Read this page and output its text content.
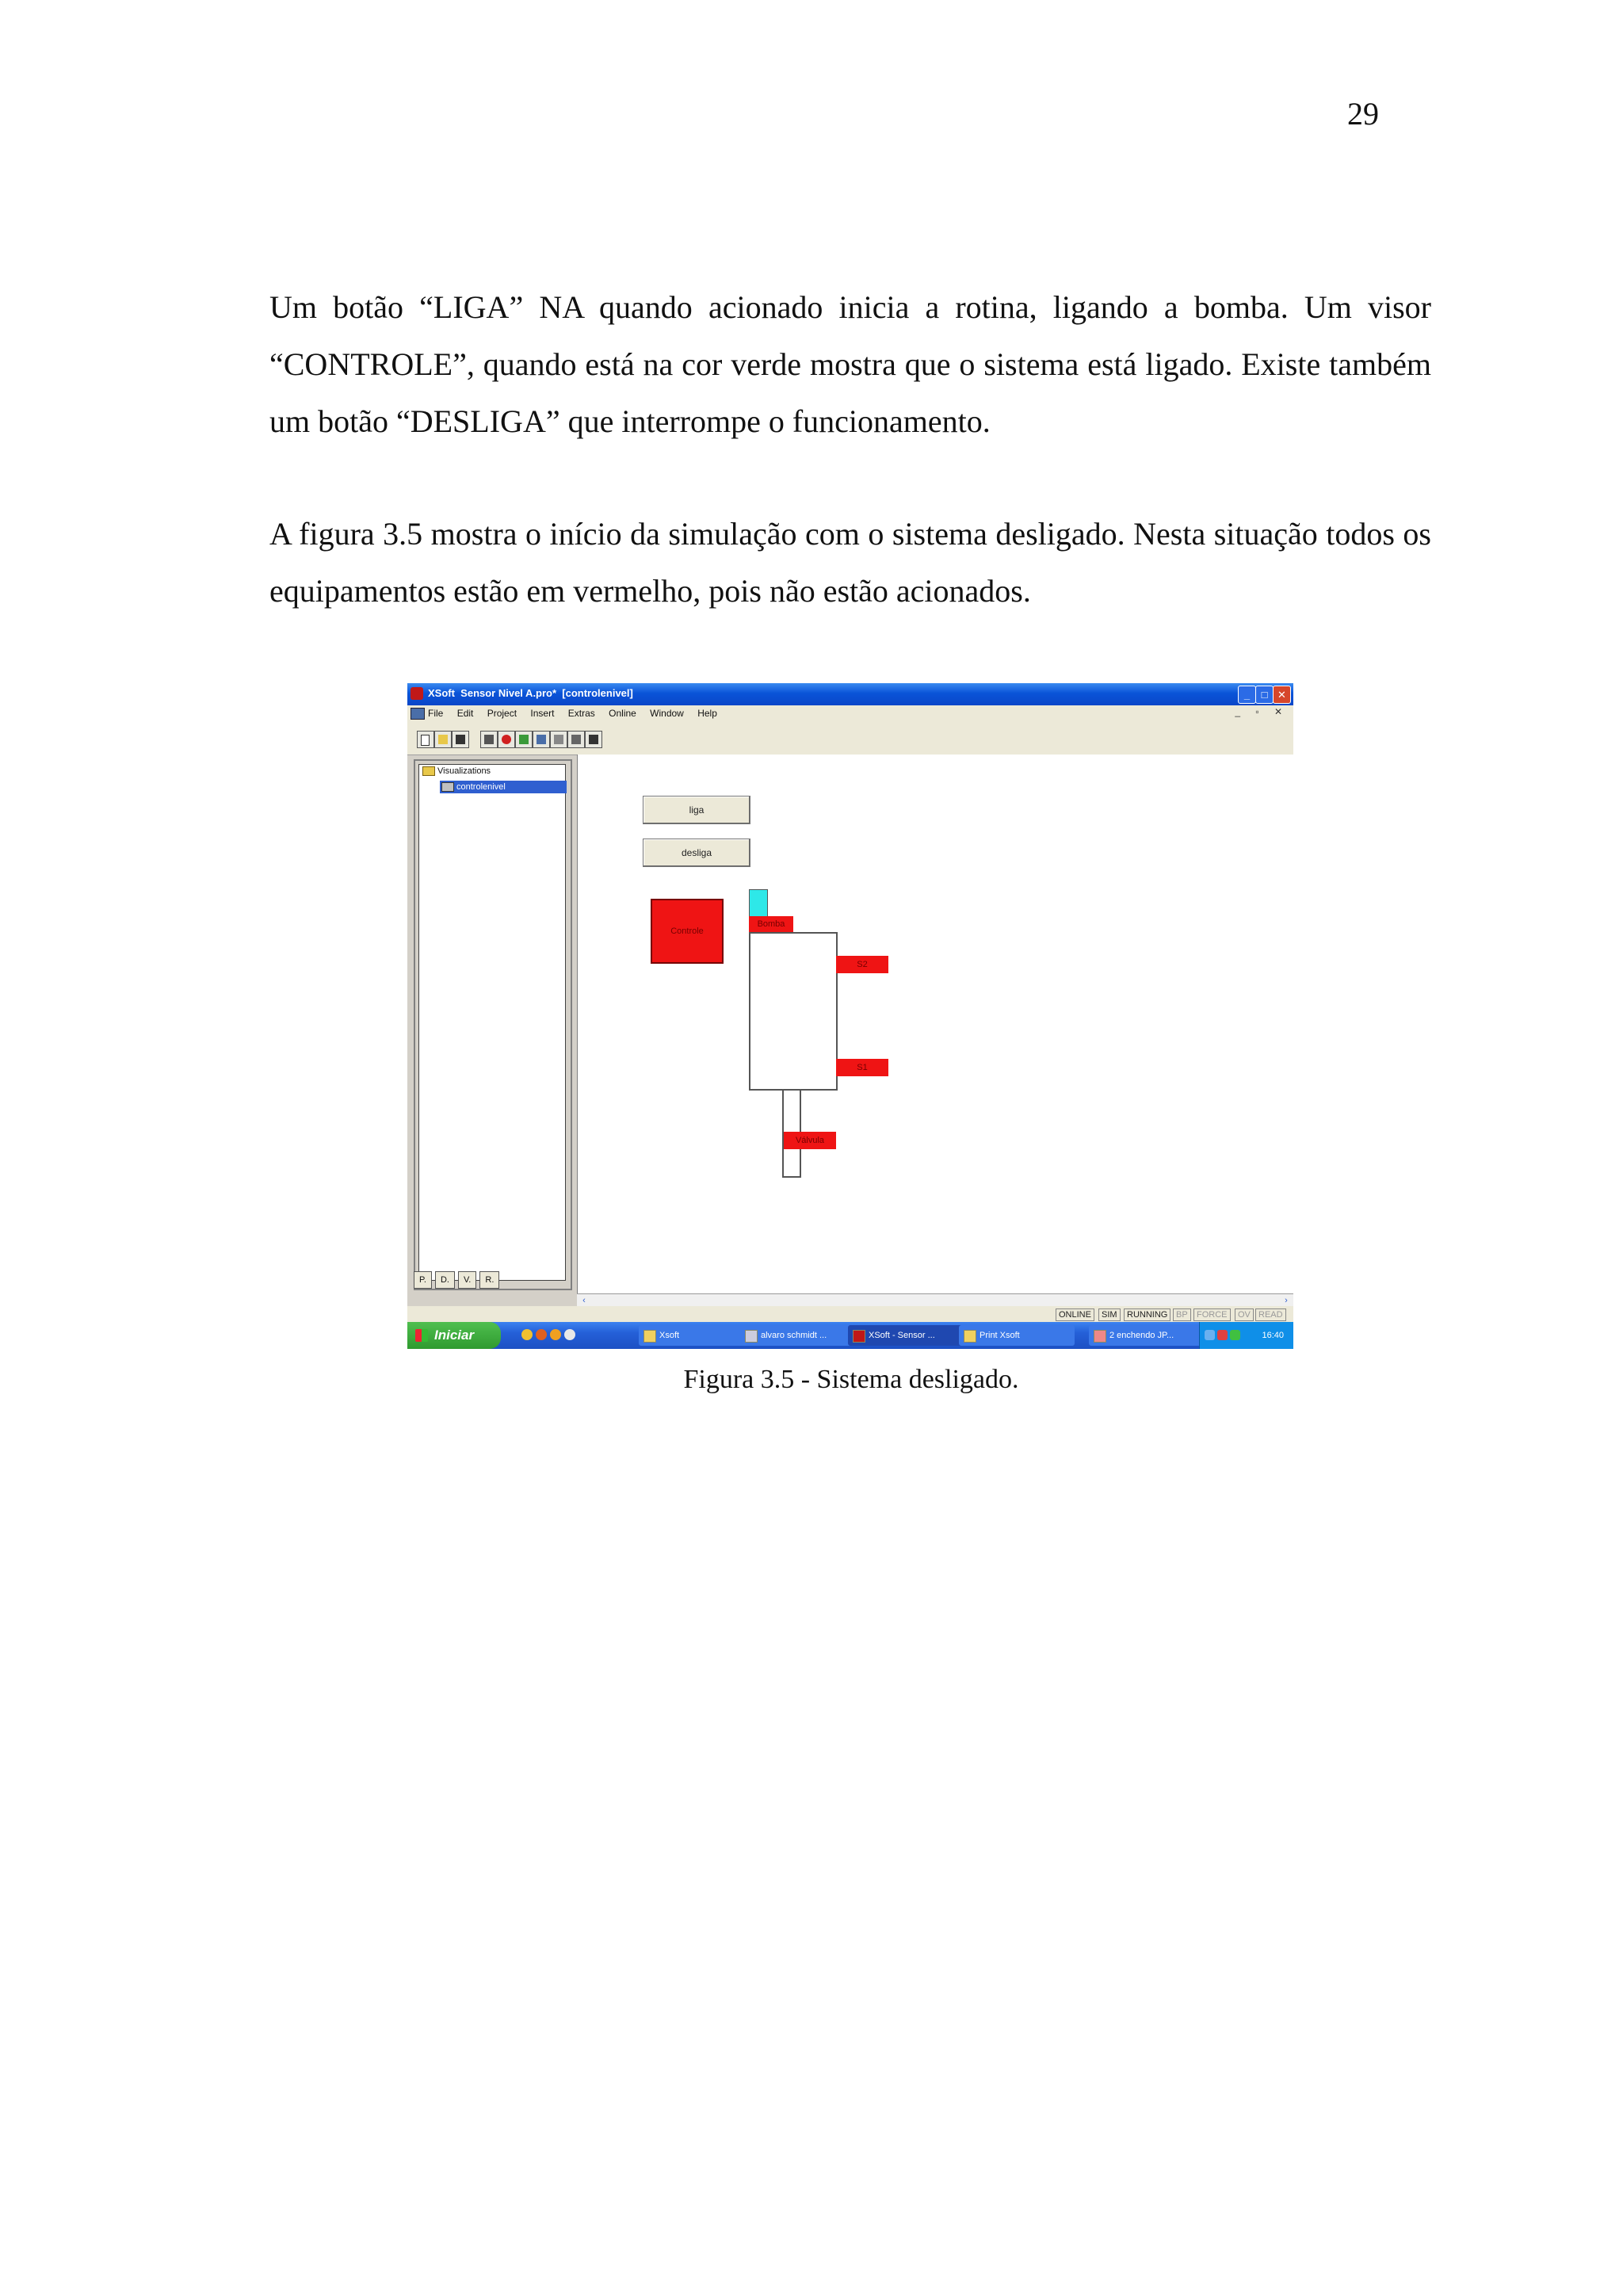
29

Um botão “LIGA” NA quando acionado inicia a rotina, ligando a bomba. Um visor “CONTROLE”, quando está na cor verde mostra que o sistema está ligado. Existe também um botão “DESLIGA” que interrompe o funcionamento.

A figura 3.5 mostra o início da simulação com o sistema desligado. Nesta situação todos os equipamentos estão em vermelho, pois não estão acionados.

XSoft  Sensor Nivel A.pro*  [controlenivel]	_	□ ✕
File Edit Project Insert Extras Online Window Help	_ ▫ ✕
Visualizations
controlenivel
P. D. V. R.
liga
desliga
Controle
Bomba
S2
S1
Válvula
‹	›
ONLINE	SIM	RUNNING BP	FORCE	OV READ
Iniciar	Xsoft	alvaro schmidt ...	XSoft - Sensor ...	Print Xsoft	2 enchendo JP...	16:40
Figura 3.5 - Sistema desligado.
